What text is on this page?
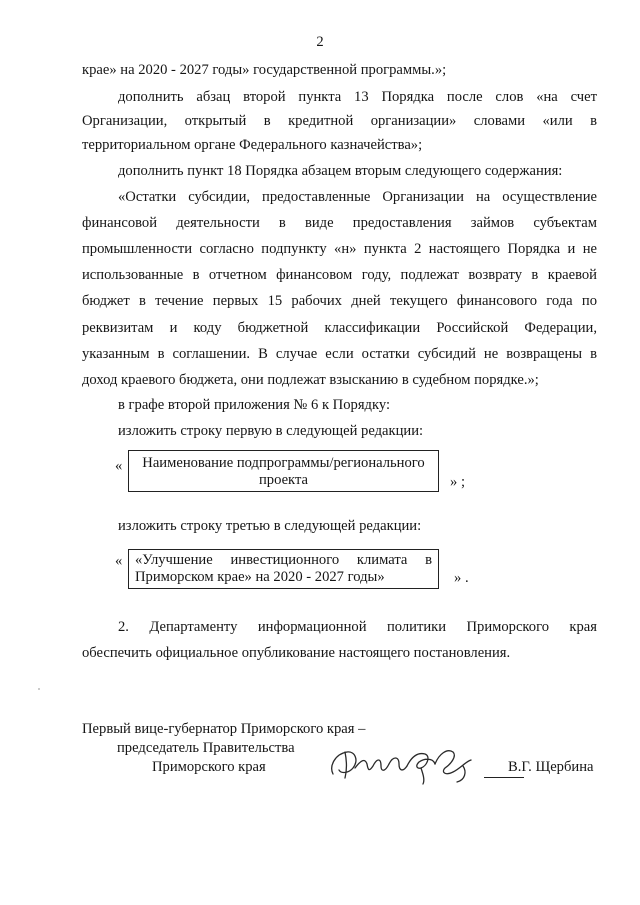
2
крае» на 2020 - 2027 годы» государственной программы.»;
дополнить абзац второй пункта 13 Порядка после слов «на счет
Организации, открытый в кредитной организации» словами «или в
территориальном органе Федерального казначейства»;
дополнить пункт 18 Порядка абзацем вторым следующего содержания:
«Остатки субсидии, предоставленные Организации на осуществление
финансовой деятельности в виде предоставления займов субъектам
промышленности согласно подпункту «н» пункта 2 настоящего Порядка и не
использованные в отчетном финансовом году, подлежат возврату в краевой
бюджет в течение первых 15 рабочих дней текущего финансового года по
реквизитам и коду бюджетной классификации Российской Федерации,
указанным в соглашении. В случае если остатки субсидий не возвращены в
доход краевого бюджета, они подлежат взысканию в судебном порядке.»;
в графе второй приложения № 6 к Порядку:
изложить строку первую в следующей редакции:
«	Наименование подпрограммы/регионального
проекта	» ;
изложить строку третью в следующей редакции:
« «Улучшение инвестиционного климата в
Приморском крае» на 2020 - 2027 годы»	» .
2. Департаменту информационной политики Приморского края
обеспечить официальное опубликование настоящего постановления.
Первый вице-губернатор Приморского края –
председатель Правительства
Приморского края	В.Г. Щербина
